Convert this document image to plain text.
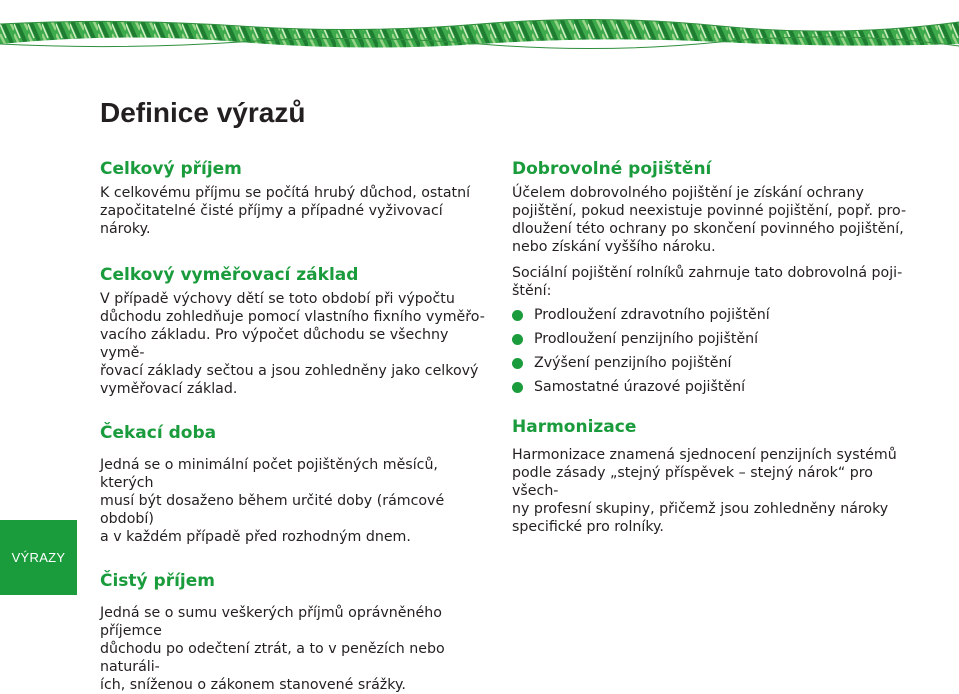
Definice výrazů
Celkový příjem

K celkovému příjmu se počítá hrubý důchod, ostatní
započitatelné čisté příjmy a případné vyživovací nároky.

Celkový vyměřovací základ

V případě výchovy dětí se toto období při výpočtu
důchodu zohledňuje pomocí vlastního fixního vyměřo-
vacího základu. Pro výpočet důchodu se všechny vymě-
řovací základy sečtou a jsou zohledněny jako celkový
vyměřovací základ.

Čekací doba

Jedná se o minimální počet pojištěných měsíců, kterých
musí být dosaženo během určité doby (rámcové období)
a v každém případě před rozhodným dnem.

Čistý příjem

Jedná se o sumu veškerých příjmů oprávněného příjemce
důchodu po odečtení ztrát, a to v penězích nebo naturáli-
ích, sníženou o zákonem stanovené srážky.

Dobrovolné pojištění

Účelem dobrovolného pojištění je získání ochrany
pojištění, pokud neexistuje povinné pojištění, popř. pro-
dloužení této ochrany po skončení povinného pojištění,
nebo získání vyššího nároku.

Sociální pojištění rolníků zahrnuje tato dobrovolná poji-
štění:

Prodloužení zdravotního pojištění
Prodloužení penzijního pojištění
Zvýšení penzijního pojištění
Samostatné úrazové pojištění
Harmonizace

Harmonizace znamená sjednocení penzijních systémů
podle zásady „stejný příspěvek – stejný nárok“ pro všech-
ny profesní skupiny, přičemž jsou zohledněny nároky
specifické pro rolníky.

VÝRAZY
